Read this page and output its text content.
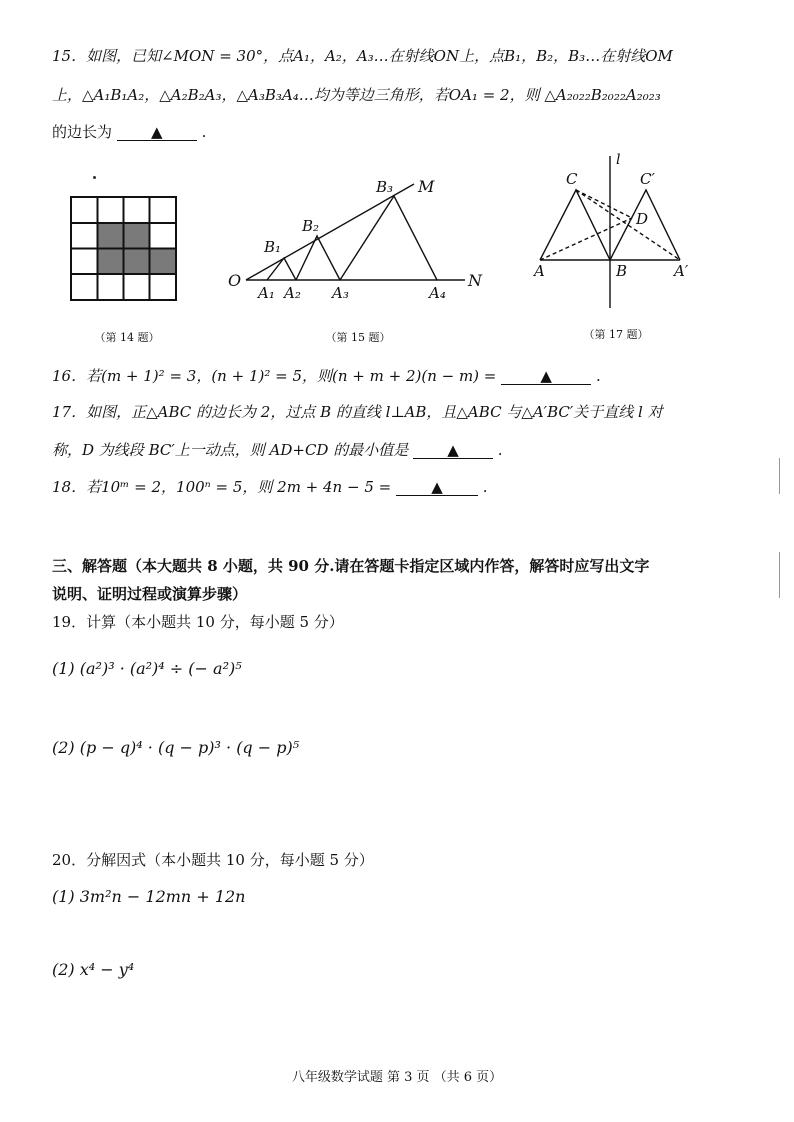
15．如图，已知∠MON = 30°，点A₁，A₂，A₃…在射线ON上，点B₁，B₂，B₃…在射线OM
上，△A₁B₁A₂，△A₂B₂A₃，△A₃B₃A₄…均为等边三角形，若OA₁ = 2，则 △A₂₀₂₂B₂₀₂₂A₂₀₂₃
的边长为	▲	.
O	N
M
A₁ A₂ A₃	A₄
B₁
B₂
B₃
l
C	C′
D
A	B	A′
（第 14 题）	（第 15 题）	（第 17 题）
16．若(m + 1)² = 3，(n + 1)² = 5，则(n + m + 2)(n − m) =	▲	.
17．如图，正△ABC 的边长为 2，过点 B 的直线 l⊥AB，且△ABC 与△A′BC′关于直线 l 对
称，D 为线段 BC′上一动点，则 AD+CD 的最小值是	▲	.
18．若10ᵐ = 2，100ⁿ = 5，则 2m + 4n − 5 =	▲	.
三、解答题（本大题共 8 小题，共 90 分.请在答题卡指定区域内作答，解答时应写出文字
说明、证明过程或演算步骤）
19．计算（本小题共 10 分，每小题 5 分）
(1) (a²)³ · (a²)⁴ ÷ (− a²)⁵
(2) (p − q)⁴ · (q − p)³ · (q − p)⁵
20．分解因式（本小题共 10 分，每小题 5 分）
(1) 3m²n − 12mn + 12n
(2) x⁴ − y⁴
八年级数学试题 第 3 页 （共 6 页）
